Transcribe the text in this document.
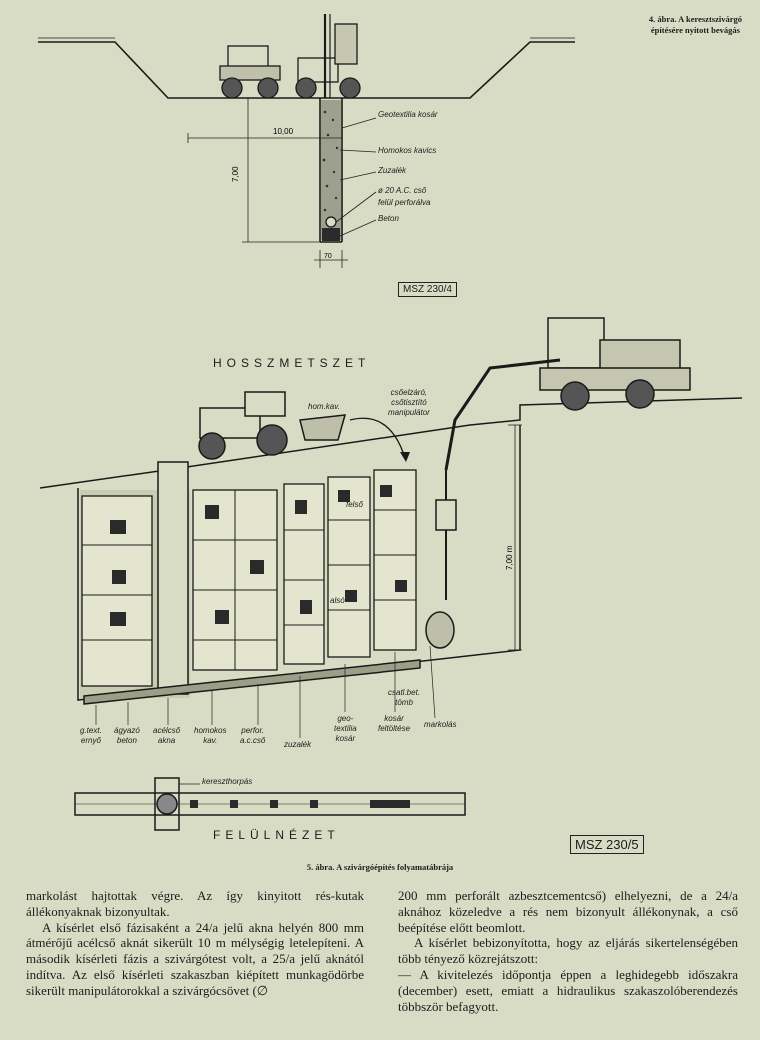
10,00
7,00
70
4. ábra. A keresztszivárgó
építésére nyitott bevágás
Geotextilia kosár
Homokos kavics
Zuzalék
ø 20 A.C. cső
felül perforálva
Beton
MSZ 230/4
7,00 m
HOSSZMETSZET
hom.kav.
csőelzáró,
csőtisztító
manipulátor
felső
alsó
csatl.bet.
tömb
g.text.
ernyő
ágyazó
beton
acélcső
akna
homokos
kav.
perfor.
a.c.cső zuzalék
geo-
textilia
kosár
kosár
feltöltése markolás
kereszthorpás
FELÜLNÉZET
MSZ 230/5
5. ábra. A szivárgóépítés folyamatábrája

markolást hajtottak végre. Az így kinyitott rés-kutak állékonyaknak bizonyultak.

A kísérlet első fázisaként a 24/a jelű akna helyén 800 mm átmérőjű acélcső aknát sikerült 10 m mélységig letelepíteni. A második kísérleti fázis a szivárgótest volt, a 25/a jelű aknától indítva. Az első kísérleti szakaszban kiépített munkagödörbe sikerült manipulátorokkal a szivárgócsövet (∅

200 mm perforált azbesztcementcső) elhelyezni, de a 24/a aknához közeledve a rés nem bizonyult állékonynak, a cső beépítése előtt beomlott.

A kísérlet bebizonyította, hogy az eljárás sikertelenségében több tényező közrejátszott:

— A kivitelezés időpontja éppen a leghidegebb időszakra (december) esett, emiatt a hidraulikus szakaszolóberendezés többször befagyott.
